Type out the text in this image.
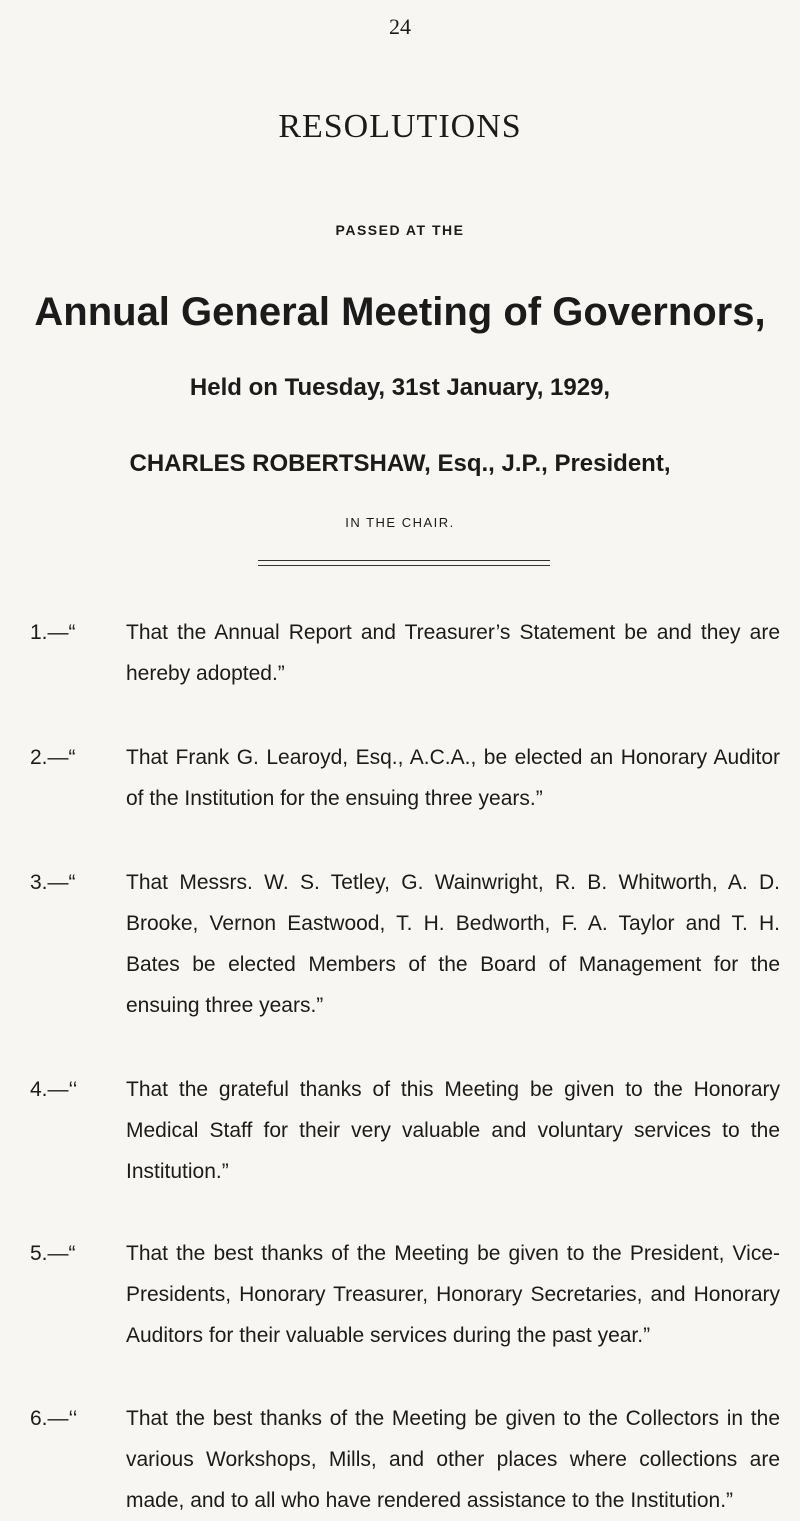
24
RESOLUTIONS
PASSED AT THE
Annual General Meeting of Governors,
Held on Tuesday, 31st January, 1929,
CHARLES ROBERTSHAW, Esq., J.P., President,
IN THE CHAIR.
1.—“	That the Annual Report and Treasurer’s Statement be and they are hereby adopted.”
2.—“	That Frank G. Learoyd, Esq., A.C.A., be elected an Honorary Auditor of the Institution for the ensuing three years.”
3.—“	That Messrs. W. S. Tetley, G. Wainwright, R. B. Whitworth, A. D. Brooke, Vernon Eastwood, T. H. Bedworth, F. A. Taylor and T. H. Bates be elected Members of the Board of Management for the ensuing three years.”
4.—‘‘	That the grateful thanks of this Meeting be given to the Honorary Medical Staff for their very valuable and voluntary services to the Institution.”
5.—“	That the best thanks of the Meeting be given to the President, Vice-Presidents, Honorary Treasurer, Honorary Secretaries, and Honorary Auditors for their valuable services during the past year.”
6.—‘‘	That the best thanks of the Meeting be given to the Collectors in the various Workshops, Mills, and other places where collections are made, and to all who have rendered assistance to the Institution.”
